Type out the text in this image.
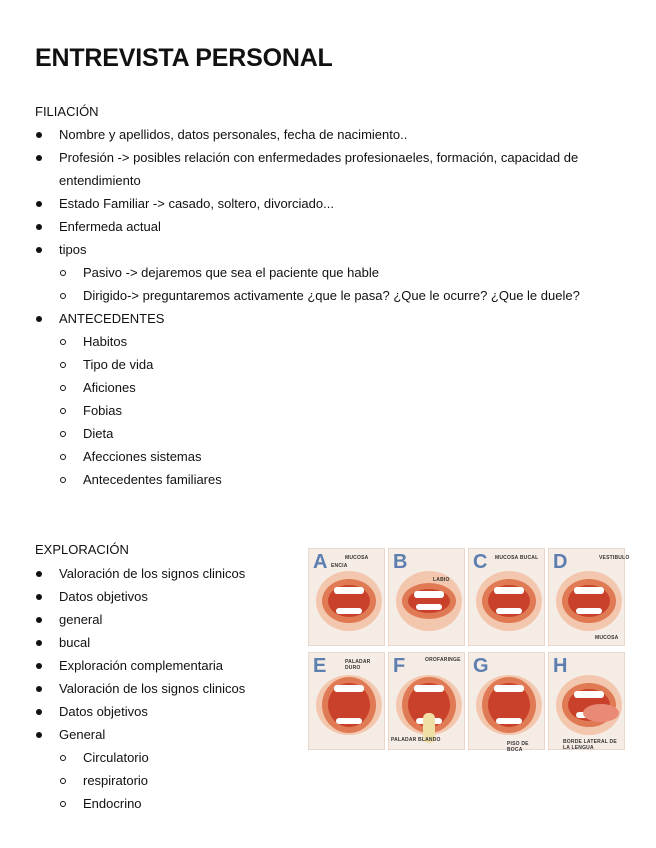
ENTREVISTA PERSONAL

FILIACIÓN

Nombre y apellidos, datos personales, fecha de nacimiento..
Profesión -> posibles relación con enfermedades profesionaeles, formación, capacidad de entendimiento
Estado Familiar -> casado, soltero, divorciado...
Enfermeda actual
tipos
Pasivo -> dejaremos que sea el paciente que hable
Dirigido-> preguntaremos activamente ¿que le pasa? ¿Que le ocurre? ¿Que le duele?
ANTECEDENTES
Habitos
Tipo de vida
Aficiones
Fobias
Dieta
Afecciones sistemas
Antecedentes familiares

EXPLORACIÓN

Valoración de los signos clinicos
Datos objetivos
general
bucal
Exploración complementaria
Valoración de los signos clinicos
Datos objetivos
General
Circulatorio
respiratorio
Endocrino
A	MUCOSA
ENCIA B
LABIO
C MUCOSA BUCAL D	VESTIBULO
MUCOSA
E	PALADAR DURO	F	OROFARINGE
PALADAR BLANDO
G
PISO DE BOCA
H
BORDE LATERAL DE LA LENGUA
